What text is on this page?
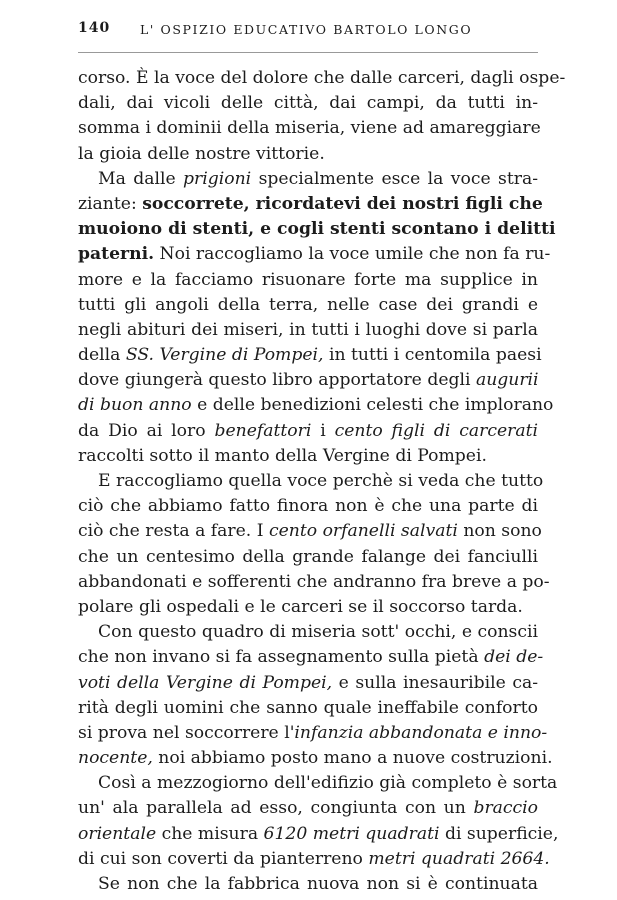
140 L' OSPIZIO EDUCATIVO BARTOLO LONGO
corso. È la voce del dolore che dalle carceri, dagli ospe-
dali, dai vicoli delle città, dai campi, da tutti in-
somma i dominii della miseria, viene ad amareggiare
la gioia delle nostre vittorie.
Ma dalle prigioni specialmente esce la voce stra-
ziante: soccorrete, ricordatevi dei nostri figli che
muoiono di stenti, e cogli stenti scontano i delitti
paterni. Noi raccogliamo la voce umile che non fa ru-
more e la facciamo risuonare forte ma supplice in
tutti gli angoli della terra, nelle case dei grandi e
negli abituri dei miseri, in tutti i luoghi dove si parla
della SS. Vergine di Pompei, in tutti i centomila paesi
dove giungerà questo libro apportatore degli augurii
di buon anno e delle benedizioni celesti che implorano
da Dio ai loro benefattori i cento figli di carcerati
raccolti sotto il manto della Vergine di Pompei.
E raccogliamo quella voce perchè si veda che tutto
ciò che abbiamo fatto finora non è che una parte di
ciò che resta a fare. I cento orfanelli salvati non sono
che un centesimo della grande falange dei fanciulli
abbandonati e sofferenti che andranno fra breve a po-
polare gli ospedali e le carceri se il soccorso tarda.
Con questo quadro di miseria sott' occhi, e conscii
che non invano si fa assegnamento sulla pietà dei de-
voti della Vergine di Pompei, e sulla inesauribile ca-
rità degli uomini che sanno quale ineffabile conforto
si prova nel soccorrere l'infanzia abbandonata e inno-
nocente, noi abbiamo posto mano a nuove costruzioni.
Così a mezzogiorno dell'edifizio già completo è sorta
un' ala parallela ad esso, congiunta con un braccio
orientale che misura 6120 metri quadrati di superficie,
di cui son coverti da pianterreno metri quadrati 2664.
Se non che la fabbrica nuova non si è continuata
